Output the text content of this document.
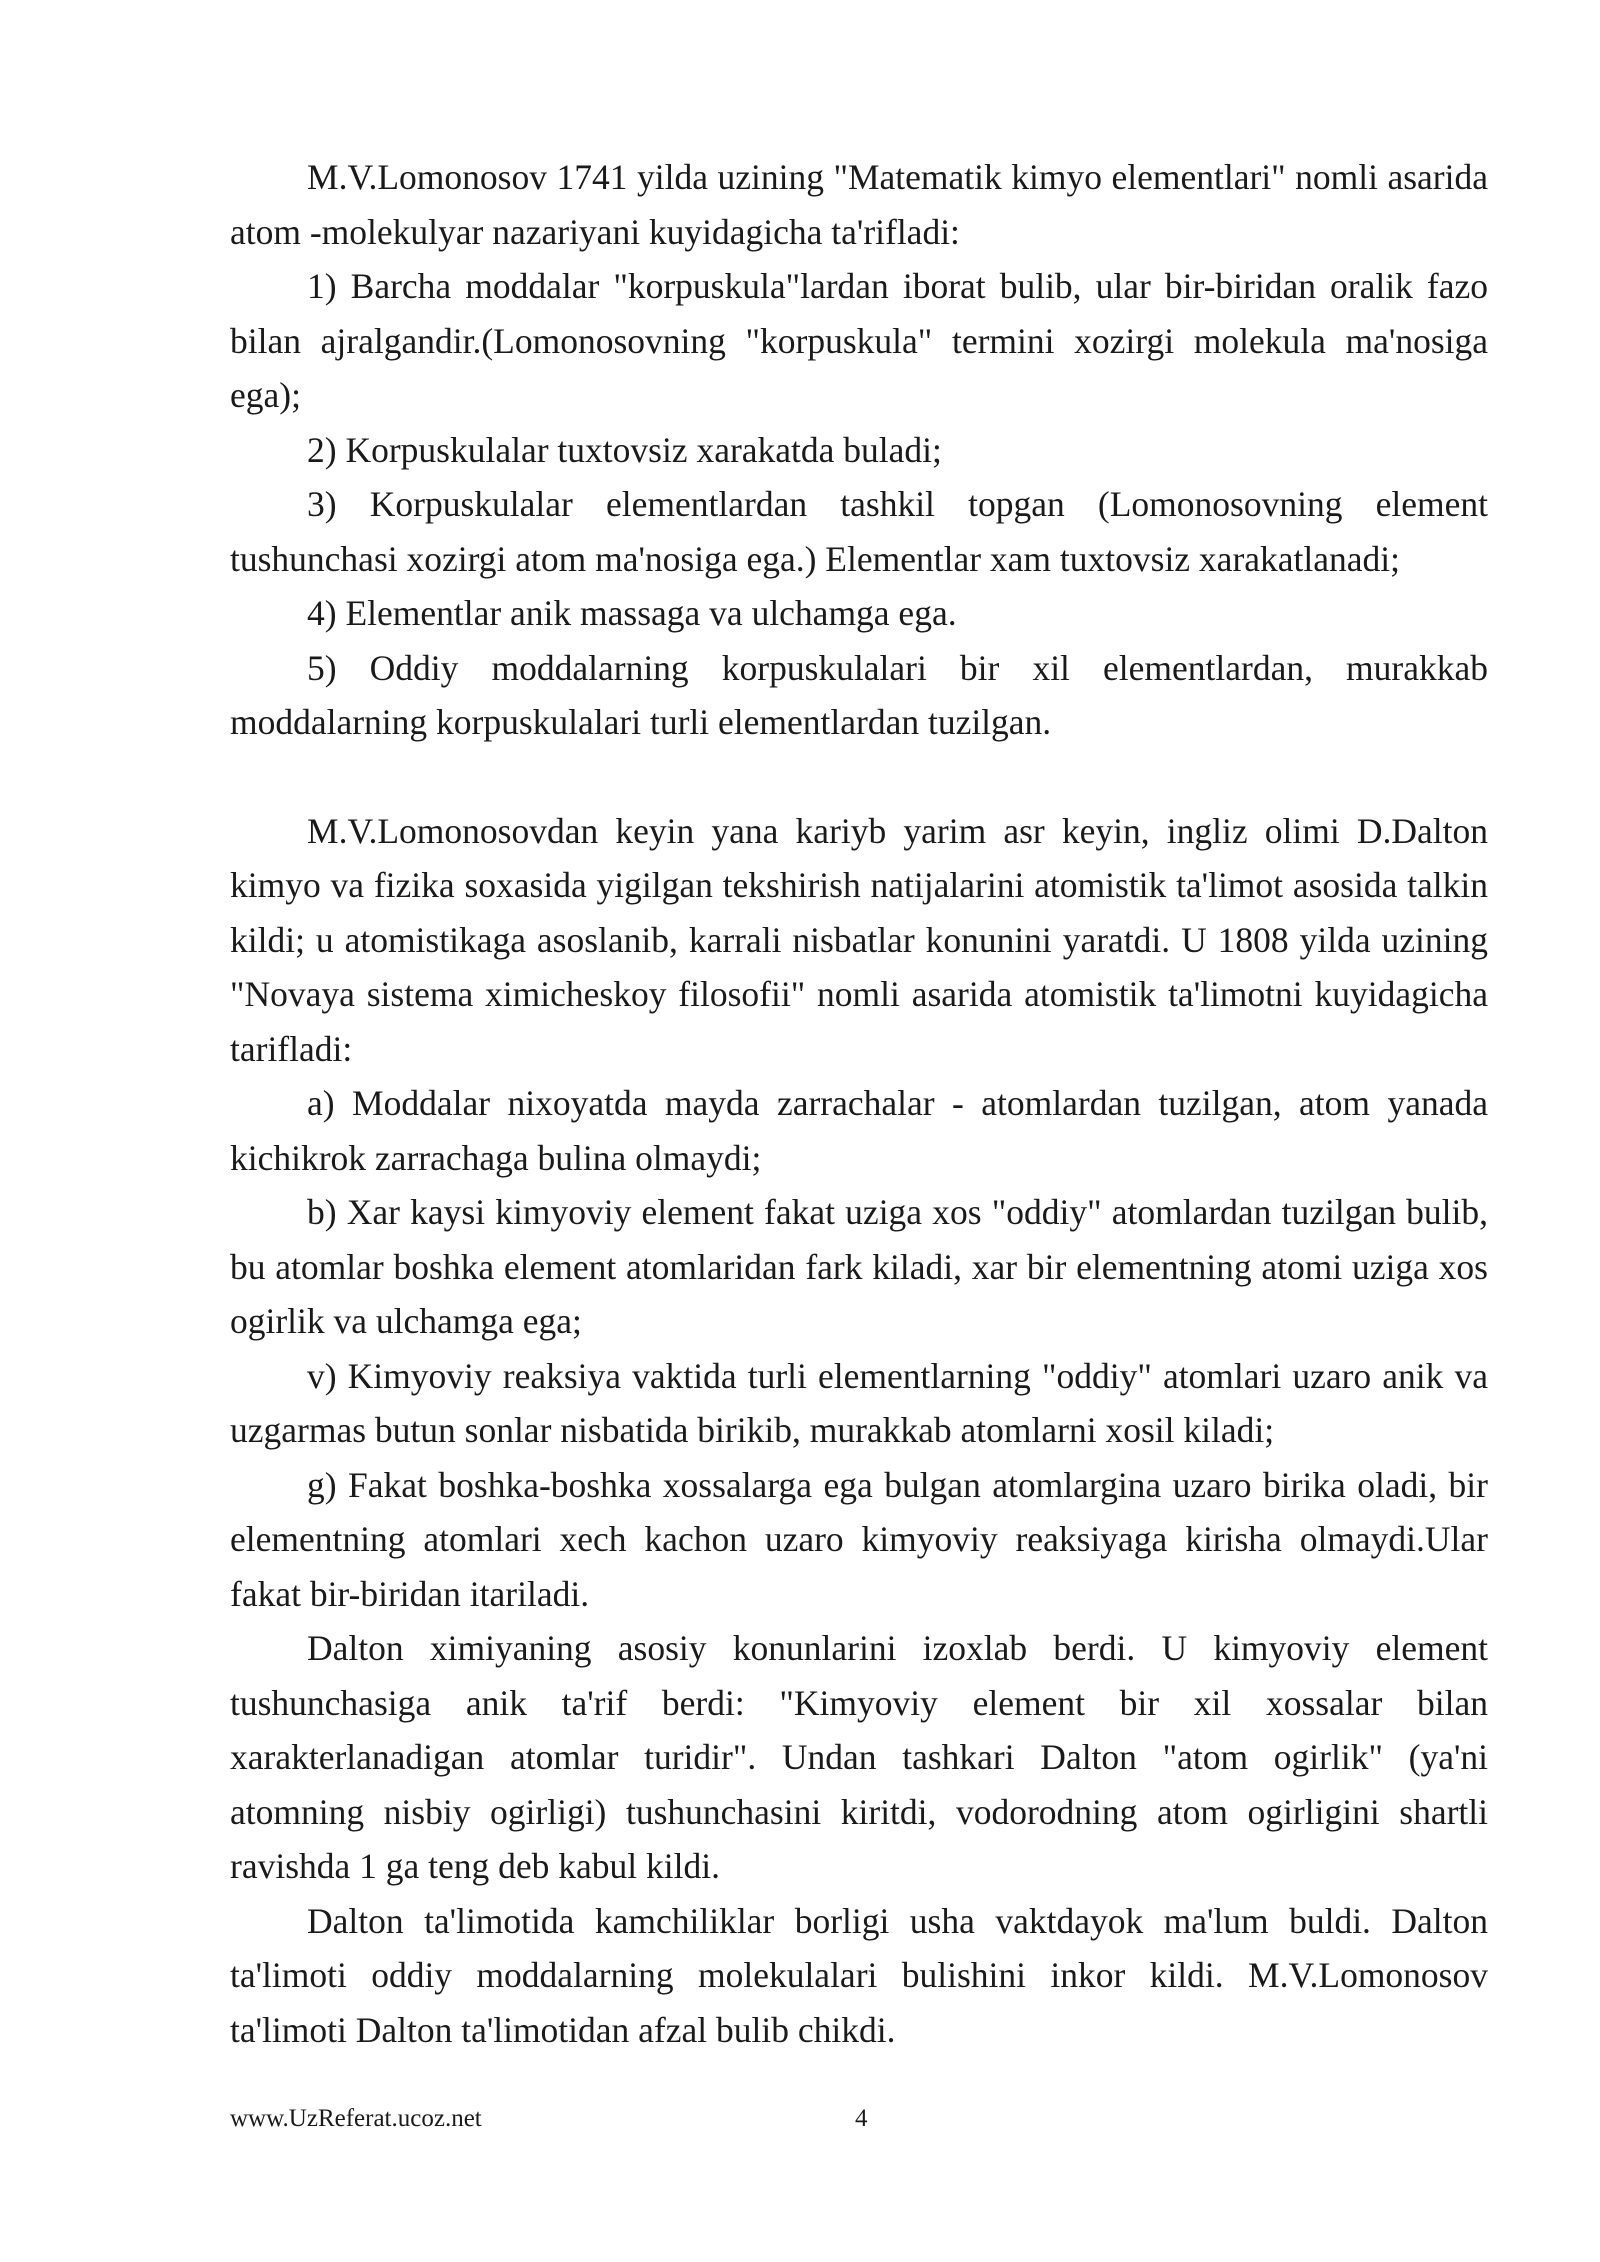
M.V.Lomonosov 1741 yilda uzining "Matematik kimyo elementlari" nomli asarida atom -molekulyar nazariyani kuyidagicha ta'rifladi:

1) Barcha moddalar "korpuskula"lardan iborat bulib, ular bir-biridan oralik fazo bilan ajralgandir.(Lomonosovning "korpuskula" termini xozirgi molekula ma'nosiga ega);

2) Korpuskulalar tuxtovsiz xarakatda buladi;

3) Korpuskulalar elementlardan tashkil topgan (Lomonosovning element tushunchasi xozirgi atom ma'nosiga ega.) Elementlar xam tuxtovsiz xarakatlanadi;

4) Elementlar anik massaga va ulchamga ega.

5) Oddiy moddalarning korpuskulalari bir xil elementlardan, murakkab moddalarning korpuskulalari turli elementlardan tuzilgan.

M.V.Lomonosovdan keyin yana kariyb yarim asr keyin, ingliz olimi D.Dalton kimyo va fizika soxasida yigilgan tekshirish natijalarini atomistik ta'limot asosida talkin kildi; u atomistikaga asoslanib, karrali nisbatlar konunini yaratdi. U 1808 yilda uzining "Novaya sistema ximicheskoy filosofii" nomli asarida atomistik ta'limotni kuyidagicha tarifladi:

a) Moddalar nixoyatda mayda zarrachalar - atomlardan tuzilgan, atom yanada kichikrok zarrachaga bulina olmaydi;

b) Xar kaysi kimyoviy element fakat uziga xos "oddiy" atomlardan tuzilgan bulib, bu atomlar boshka element atomlaridan fark kiladi, xar bir elementning atomi uziga xos ogirlik va ulchamga ega;

v) Kimyoviy reaksiya vaktida turli elementlarning "oddiy" atomlari uzaro anik va uzgarmas butun sonlar nisbatida birikib, murakkab atomlarni xosil kiladi;

g) Fakat boshka-boshka xossalarga ega bulgan atomlargina uzaro birika oladi, bir elementning atomlari xech kachon uzaro kimyoviy reaksiyaga kirisha olmaydi.Ular fakat bir-biridan itariladi.

Dalton ximiyaning asosiy konunlarini izoxlab berdi. U kimyoviy element tushunchasiga anik ta'rif berdi: "Kimyoviy element bir xil xossalar bilan xarakterlanadigan atomlar turidir". Undan tashkari Dalton "atom ogirlik" (ya'ni atomning nisbiy ogirligi) tushunchasini kiritdi, vodorodning atom ogirligini shartli ravishda 1 ga teng deb kabul kildi.

Dalton ta'limotida kamchiliklar borligi usha vaktdayok ma'lum buldi. Dalton ta'limoti oddiy moddalarning molekulalari bulishini inkor kildi. M.V.Lomonosov ta'limoti Dalton ta'limotidan afzal bulib chikdi.

www.UzReferat.ucoz.net	4
